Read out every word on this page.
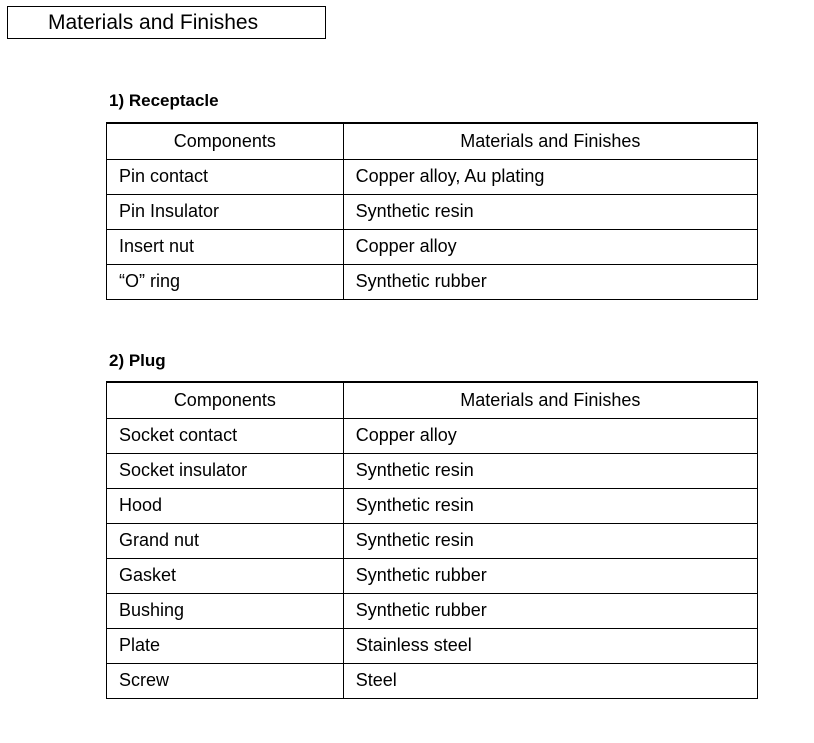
Materials and Finishes
1) Receptacle
Components	Materials and Finishes
Pin contact	Copper alloy, Au plating
Pin Insulator	Synthetic resin
Insert nut	Copper alloy
“O” ring	Synthetic rubber
2) Plug
Components	Materials and Finishes
Socket contact	Copper alloy
Socket insulator	Synthetic resin
Hood	Synthetic resin
Grand nut	Synthetic resin
Gasket	Synthetic rubber
Bushing	Synthetic rubber
Plate	Stainless steel
Screw	Steel
